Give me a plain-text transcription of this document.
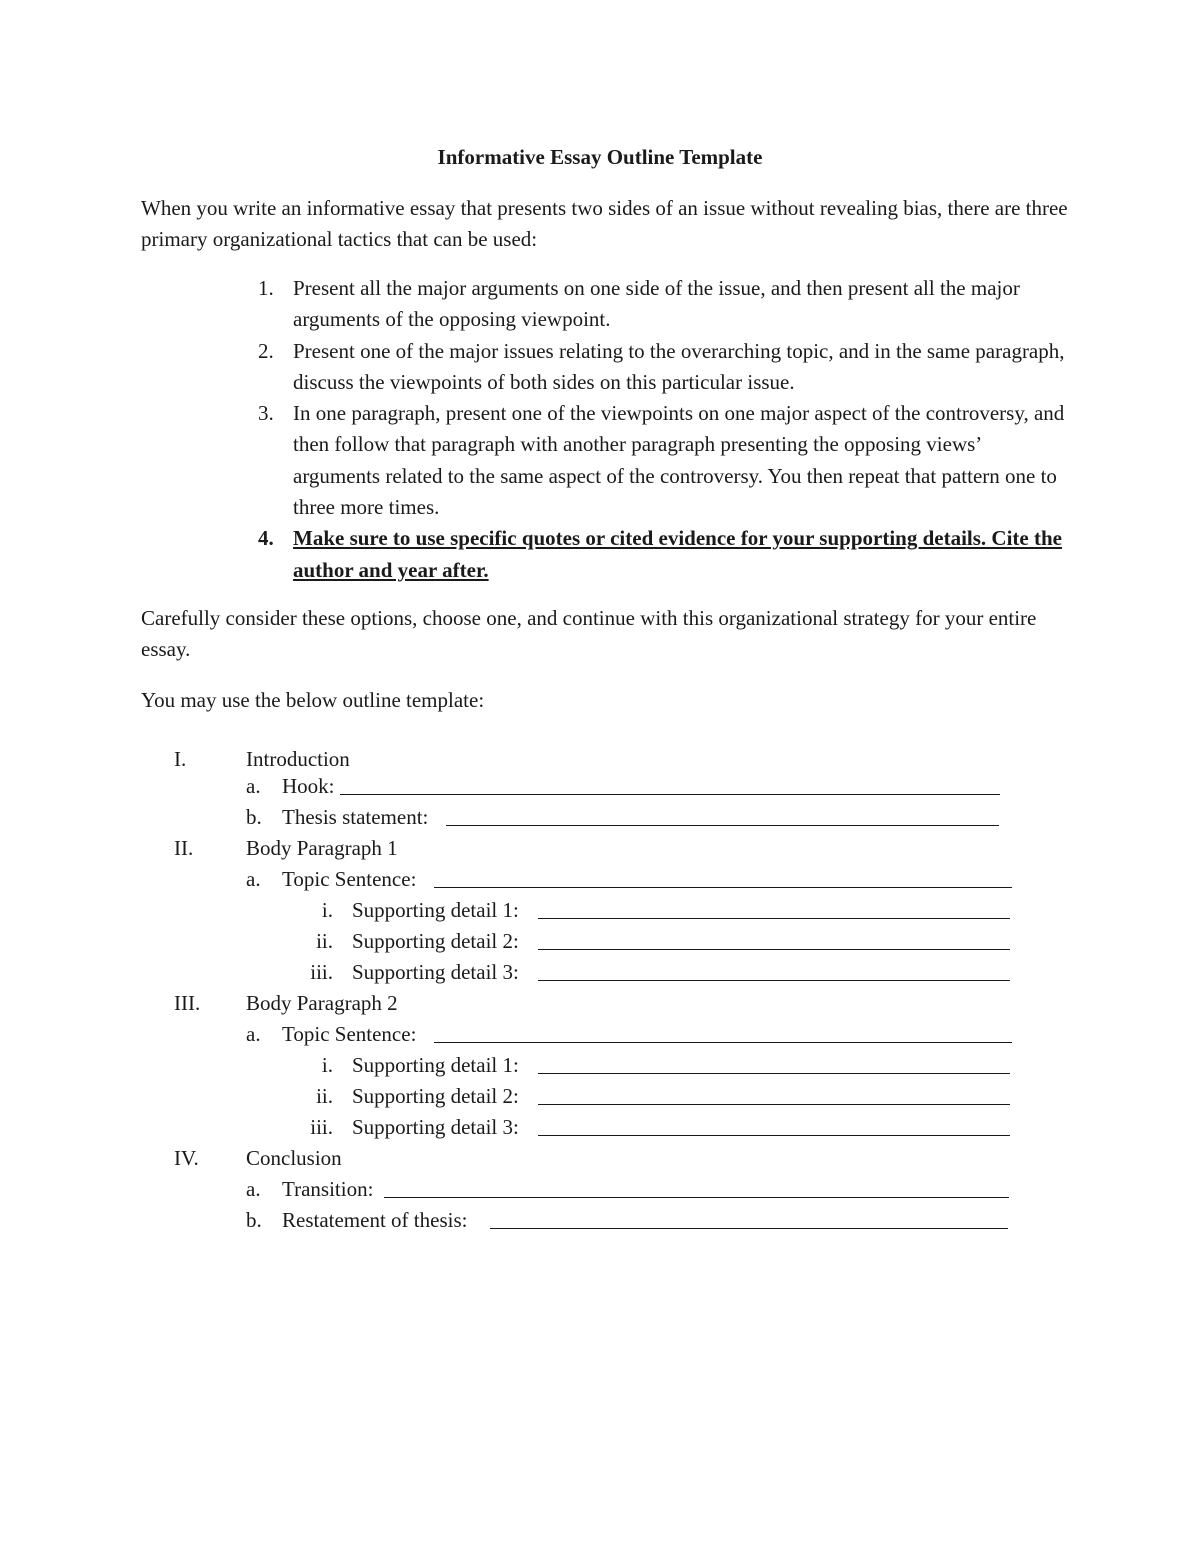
Informative Essay Outline Template
When you write an informative essay that presents two sides of an issue without revealing bias, there are three primary organizational tactics that can be used:
1. Present all the major arguments on one side of the issue, and then present all the major arguments of the opposing viewpoint.
2. Present one of the major issues relating to the overarching topic, and in the same paragraph, discuss the viewpoints of both sides on this particular issue.
3. In one paragraph, present one of the viewpoints on one major aspect of the controversy, and then follow that paragraph with another paragraph presenting the opposing views’ arguments related to the same aspect of the controversy. You then repeat that pattern one to three more times.
4. Make sure to use specific quotes or cited evidence for your supporting details. Cite the author and year after.
Carefully consider these options, choose one, and continue with this organizational strategy for your entire essay.
You may use the below outline template:
I.	Introduction
a. Hook:
b. Thesis statement:
II.	Body Paragraph 1
a. Topic Sentence:
i. Supporting detail 1:
ii. Supporting detail 2:
iii. Supporting detail 3:
III. Body Paragraph 2
a. Topic Sentence:
i. Supporting detail 1:
ii. Supporting detail 2:
iii. Supporting detail 3:
IV. Conclusion
a. Transition:
b. Restatement of thesis:
